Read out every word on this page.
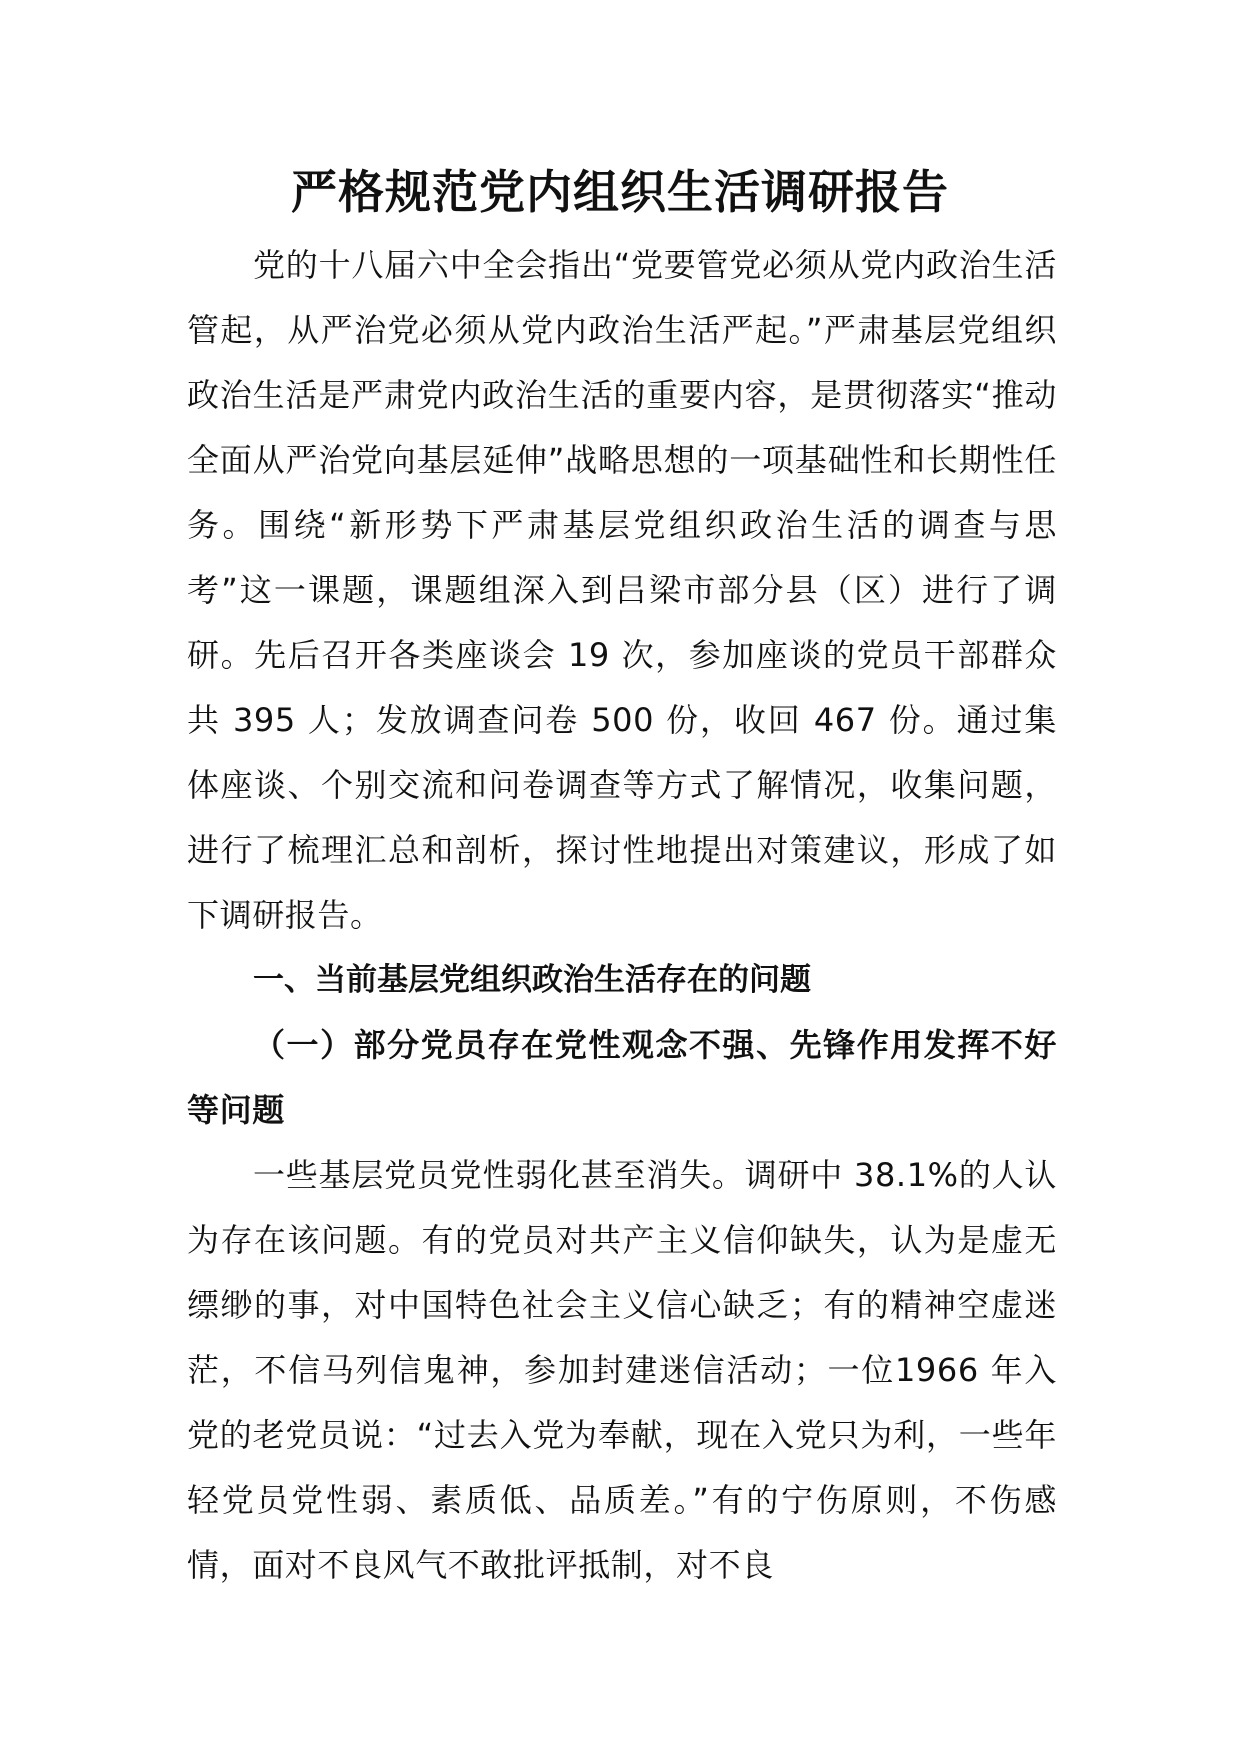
严格规范党内组织生活调研报告

党的十八届六中全会指出“党要管党必须从党内政治生活管起，从严治党必须从党内政治生活严起。”严肃基层党组织政治生活是严肃党内政治生活的重要内容，是贯彻落实“推动全面从严治党向基层延伸”战略思想的一项基础性和长期性任务。围绕“新形势下严肃基层党组织政治生活的调查与思考”这一课题，课题组深入到吕梁市部分县（区）进行了调研。先后召开各类座谈会 19 次，参加座谈的党员干部群众共 395 人；发放调查问卷 500 份，收回 467 份。通过集体座谈、个别交流和问卷调查等方式了解情况，收集问题，进行了梳理汇总和剖析，探讨性地提出对策建议，形成了如下调研报告。

一、当前基层党组织政治生活存在的问题

（一）部分党员存在党性观念不强、先锋作用发挥不好等问题

一些基层党员党性弱化甚至消失。调研中 38.1%的人认为存在该问题。有的党员对共产主义信仰缺失，认为是虚无缥缈的事，对中国特色社会主义信心缺乏；有的精神空虚迷茫，不信马列信鬼神，参加封建迷信活动；一位1966 年入党的老党员说：“过去入党为奉献，现在入党只为利，一些年轻党员党性弱、素质低、品质差。”有的宁伤原则，不伤感情，面对不良风气不敢批评抵制，对不良
